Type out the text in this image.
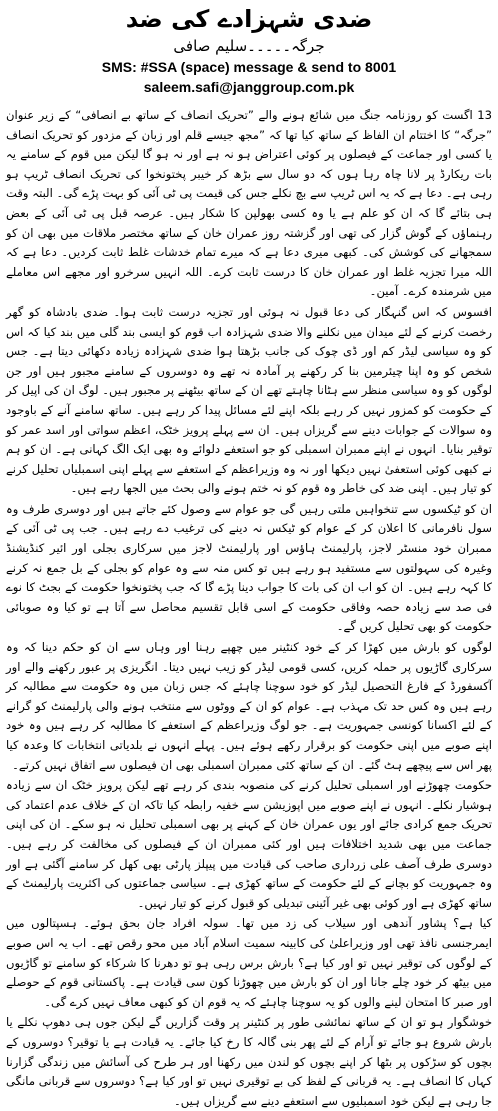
ضدی شہزادے کی ضد
جرگہ۔۔۔۔۔سلیم صافی
SMS: #SSA (space) message & send to 8001
saleem.safi@janggroup.com.pk

13 اگست کو روزنامہ جنگ میں شائع ہونے والے ”تحریک انصاف کے ساتھ بے انصافی“ کے زیر عنوان ”جرگہ“ کا اختتام ان الفاظ کے ساتھ کیا تھا کہ ”مجھ جیسے قلم اور زبان کے مزدور کو تحریک انصاف یا کسی اور جماعت کے فیصلوں پر کوئی اعتراض ہو نہ ہے اور نہ ہو گا لیکن میں قوم کے سامنے یہ بات ریکارڈ پر لانا چاہ رہا ہوں کہ دو سال سے بڑھ کر خیبر پختونخوا کی تحریک انصاف ٹریپ ہو رہی ہے۔ دعا ہے کہ یہ اس ٹریپ سے بچ نکلے جس کی قیمت پی ٹی آئی کو بہت پڑے گی۔ البتہ وقت ہی بتائے گا کہ ان کو علم ہے یا وہ کسی بھولپن کا شکار ہیں۔ عرصہ قبل پی ٹی آئی کے بعض رہنماؤں کے گوش گزار کی تھی اور گزشتہ روز عمران خان کے ساتھ مختصر ملاقات میں بھی ان کو سمجھانے کی کوشش کی۔ کبھی میری دعا ہے کہ میرے تمام خدشات غلط ثابت کردیں۔ دعا ہے کہ اللہ میرا تجزیہ غلط اور عمران خان کا درست ثابت کرے۔ اللہ انہیں سرخرو اور مجھے اس معاملے میں شرمندہ کرے۔ آمین۔

افسوس کہ اس گنہگار کی دعا قبول نہ ہوئی اور تجزیہ درست ثابت ہوا۔ ضدی بادشاہ کو گھر رخصت کرنے کے لئے میدان میں نکلنے والا ضدی شہزادہ اب قوم کو ایسی بند گلی میں بند کیا کہ اس کو وہ سیاسی لیڈر کم اور ڈی چوک کی جانب بڑھتا ہوا ضدی شہزادہ زیادہ دکھائی دیتا ہے۔ جس شخص کو وہ اپنا چیئرمین بنا کر رکھنے پر آمادہ نہ تھے وہ دوسروں کے سامنے مجبور ہیں اور جن لوگوں کو وہ سیاسی منظر سے ہٹانا چاہتے تھے ان کے ساتھ بیٹھنے پر مجبور ہیں۔ لوگ ان کی اپیل کر کے حکومت کو کمزور نہیں کر رہے بلکہ اپنے لئے مسائل پیدا کر رہے ہیں۔ ساتھ سامنے آنے کے باوجود وہ سوالات کے جوابات دینے سے گریزاں ہیں۔ ان سے پہلے پرویز خٹک، اعظم سواتی اور اسد عمر کو توقیر بنایا۔ انہوں نے اپنے ممبران اسمبلی کو جو استعفے دلوائے وہ بھی ایک الگ کہانی ہے۔ ان کو ہم نے کبھی کوئی استعفیٰ نہیں دیکھا اور نہ وہ وزیراعظم کے استعفے سے پہلے اپنی اسمبلیاں تحلیل کرنے کو تیار ہیں۔ اپنی ضد کی خاطر وہ قوم کو نہ ختم ہونے والی بحث میں الجھا رہے ہیں۔

ان کو ٹیکسوں سے تنخواہیں ملتی رہیں گی جو عوام سے وصول کئے جاتے ہیں اور دوسری طرف وہ سول نافرمانی کا اعلان کر کے عوام کو ٹیکس نہ دینے کی ترغیب دے رہے ہیں۔ جب پی ٹی آئی کے ممبران خود منسٹر لاجز، پارلیمنٹ ہاؤس اور پارلیمنٹ لاجز میں سرکاری بجلی اور ائیر کنڈیشنڈ وغیرہ کی سہولتوں سے مستفید ہو رہے ہیں تو کس منہ سے وہ عوام کو بجلی کے بل جمع نہ کرنے کا کہہ رہے ہیں۔ ان کو اب ان کی بات کا جواب دینا پڑے گا کہ جب پختونخوا حکومت کے بجٹ کا نوے فی صد سے زیادہ حصہ وفاقی حکومت کے اسی قابل تقسیم محاصل سے آتا ہے تو کیا وہ صوبائی حکومت کو بھی تحلیل کریں گے۔

لوگوں کو بارش میں کھڑا کر کے خود کنٹینر میں چھپے رہنا اور وہاں سے ان کو حکم دینا کہ وہ سرکاری گاڑیوں پر حملہ کریں، کسی قومی لیڈر کو زیب نہیں دیتا۔ انگریزی پر عبور رکھنے والے اور آکسفورڈ کے فارغ التحصیل لیڈر کو خود سوچنا چاہئے کہ جس زبان میں وہ حکومت سے مطالبہ کر رہے ہیں وہ کس حد تک مہذب ہے۔ عوام کو ان کے ووٹوں سے منتخب ہونے والی پارلیمنٹ کو گرانے کے لئے اکسانا کونسی جمہوریت ہے۔ جو لوگ وزیراعظم کے استعفے کا مطالبہ کر رہے ہیں وہ خود اپنے صوبے میں اپنی حکومت کو برقرار رکھے ہوئے ہیں۔ پہلے انہوں نے بلدیاتی انتخابات کا وعدہ کیا پھر اس سے پیچھے ہٹ گئے۔ ان کے ساتھ کئی ممبران اسمبلی بھی ان فیصلوں سے اتفاق نہیں کرتے۔

حکومت چھوڑنے اور اسمبلی تحلیل کرنے کی منصوبہ بندی کر رہے تھے لیکن پرویز خٹک ان سے زیادہ ہوشیار نکلے۔ انہوں نے اپنے صوبے میں اپوزیشن سے خفیہ رابطہ کیا تاکہ ان کے خلاف عدم اعتماد کی تحریک جمع کرادی جائے اور یوں عمران خان کے کہنے پر بھی اسمبلی تحلیل نہ ہو سکے۔ ان کی اپنی جماعت میں بھی شدید اختلافات ہیں اور کئی ممبران ان کے فیصلوں کی مخالفت کر رہے ہیں۔ دوسری طرف آصف علی زرداری صاحب کی قیادت میں پیپلز پارٹی بھی کھل کر سامنے آگئی ہے اور وہ جمہوریت کو بچانے کے لئے حکومت کے ساتھ کھڑی ہے۔ سیاسی جماعتوں کی اکثریت پارلیمنٹ کے ساتھ کھڑی ہے اور کوئی بھی غیر آئینی تبدیلی کو قبول کرنے کو تیار نہیں۔

کیا ہے؟ پشاور آندھی اور سیلاب کی زد میں تھا۔ سولہ افراد جان بحق ہوئے۔ ہسپتالوں میں ایمرجنسی نافذ تھی اور وزیراعلیٰ کی کابینہ سمیت اسلام آباد میں محو رقص تھے۔ اب یہ اس صوبے کے لوگوں کی توقیر نہیں تو اور کیا ہے؟ بارش برس رہی ہو تو دھرنا کا شرکاء کو سامنے تو گاڑیوں میں بیٹھ کر خود چلے جانا اور ان کو بارش میں چھوڑنا کون سی قیادت ہے۔ پاکستانی قوم کے حوصلے اور صبر کا امتحان لینے والوں کو یہ سوچنا چاہئے کہ یہ قوم ان کو کبھی معاف نہیں کرے گی۔

خوشگوار ہو تو ان کے ساتھ نمائشی طور پر کنٹینر پر وقت گزاریں گے لیکن جوں ہی دھوپ نکلے یا بارش شروع ہو جائے تو آرام کے لئے پھر بنی گالہ کا رخ کیا جائے۔ یہ قیادت ہے یا توقیر؟ دوسروں کے بچوں کو سڑکوں پر بٹھا کر اپنے بچوں کو لندن میں رکھنا اور ہر طرح کی آسائش میں زندگی گزارنا کہاں کا انصاف ہے۔ یہ قربانی کے لفظ کی بے توقیری نہیں تو اور کیا ہے؟ دوسروں سے قربانی مانگی جا رہی ہے لیکن خود اسمبلیوں سے استعفے دینے سے گریزاں ہیں۔
